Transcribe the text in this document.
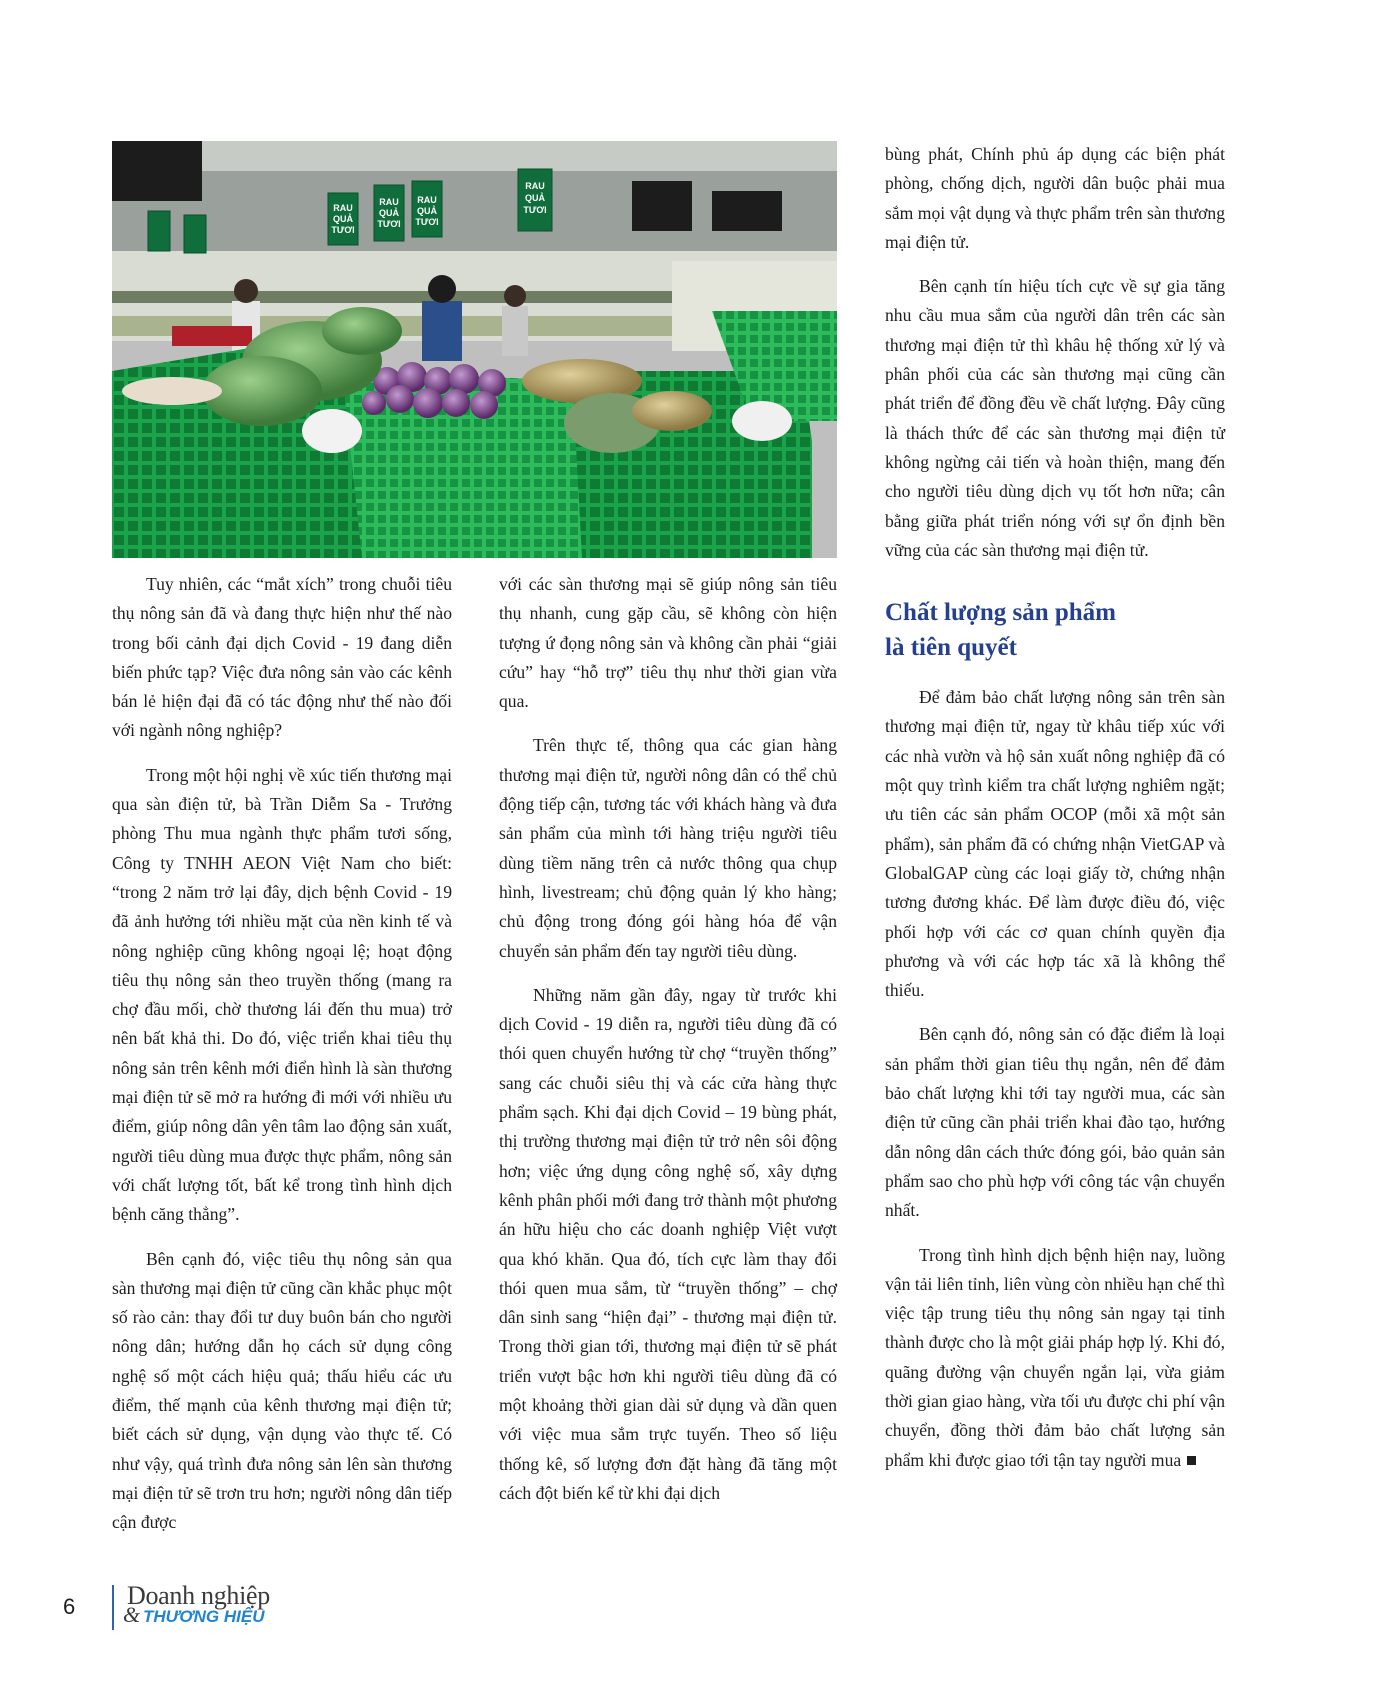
RAU
QUẢ
TƯƠI
RAU
QUẢ
TƯƠI
RAU
QUẢ
TƯƠI
RAU
QUẢ
TƯƠI

Tuy nhiên, các “mắt xích” trong chuỗi tiêu thụ nông sản đã và đang thực hiện như thế nào trong bối cảnh đại dịch Covid - 19 đang diễn biến phức tạp? Việc đưa nông sản vào các kênh bán lẻ hiện đại đã có tác động như thế nào đối với ngành nông nghiệp?

Trong một hội nghị về xúc tiến thương mại qua sàn điện tử, bà Trần Diễm Sa - Trưởng phòng Thu mua ngành thực phẩm tươi sống, Công ty TNHH AEON Việt Nam cho biết: “trong 2 năm trở lại đây, dịch bệnh Covid - 19 đã ảnh hưởng tới nhiều mặt của nền kinh tế và nông nghiệp cũng không ngoại lệ; hoạt động tiêu thụ nông sản theo truyền thống (mang ra chợ đầu mối, chờ thương lái đến thu mua) trở nên bất khả thi. Do đó, việc triển khai tiêu thụ nông sản trên kênh mới điển hình là sàn thương mại điện tử sẽ mở ra hướng đi mới với nhiều ưu điểm, giúp nông dân yên tâm lao động sản xuất, người tiêu dùng mua được thực phẩm, nông sản với chất lượng tốt, bất kể trong tình hình dịch bệnh căng thẳng”.

Bên cạnh đó, việc tiêu thụ nông sản qua sàn thương mại điện tử cũng cần khắc phục một số rào cản: thay đổi tư duy buôn bán cho người nông dân; hướng dẫn họ cách sử dụng công nghệ số một cách hiệu quả; thấu hiểu các ưu điểm, thế mạnh của kênh thương mại điện tử; biết cách sử dụng, vận dụng vào thực tế. Có như vậy, quá trình đưa nông sản lên sàn thương mại điện tử sẽ trơn tru hơn; người nông dân tiếp cận được

với các sàn thương mại sẽ giúp nông sản tiêu thụ nhanh, cung gặp cầu, sẽ không còn hiện tượng ứ đọng nông sản và không cần phải “giải cứu” hay “hỗ trợ” tiêu thụ như thời gian vừa qua.

Trên thực tế, thông qua các gian hàng thương mại điện tử, người nông dân có thể chủ động tiếp cận, tương tác với khách hàng và đưa sản phẩm của mình tới hàng triệu người tiêu dùng tiềm năng trên cả nước thông qua chụp hình, livestream; chủ động quản lý kho hàng; chủ động trong đóng gói hàng hóa để vận chuyển sản phẩm đến tay người tiêu dùng.

Những năm gần đây, ngay từ trước khi dịch Covid - 19 diễn ra, người tiêu dùng đã có thói quen chuyển hướng từ chợ “truyền thống” sang các chuỗi siêu thị và các cửa hàng thực phẩm sạch. Khi đại dịch Covid – 19 bùng phát, thị trường thương mại điện tử trở nên sôi động hơn; việc ứng dụng công nghệ số, xây dựng kênh phân phối mới đang trở thành một phương án hữu hiệu cho các doanh nghiệp Việt vượt qua khó khăn. Qua đó, tích cực làm thay đổi thói quen mua sắm, từ “truyền thống” – chợ dân sinh sang “hiện đại” - thương mại điện tử. Trong thời gian tới, thương mại điện tử sẽ phát triển vượt bậc hơn khi người tiêu dùng đã có một khoảng thời gian dài sử dụng và dần quen với việc mua sắm trực tuyến. Theo số liệu thống kê, số lượng đơn đặt hàng đã tăng một cách đột biến kể từ khi đại dịch

bùng phát, Chính phủ áp dụng các biện phát phòng, chống dịch, người dân buộc phải mua sắm mọi vật dụng và thực phẩm trên sàn thương mại điện tử.

Bên cạnh tín hiệu tích cực về sự gia tăng nhu cầu mua sắm của người dân trên các sàn thương mại điện tử thì khâu hệ thống xử lý và phân phối của các sàn thương mại cũng cần phát triển để đồng đều về chất lượng. Đây cũng là thách thức để các sàn thương mại điện tử không ngừng cải tiến và hoàn thiện, mang đến cho người tiêu dùng dịch vụ tốt hơn nữa; cân bằng giữa phát triển nóng với sự ổn định bền vững của các sàn thương mại điện tử.

Chất lượng sản phẩm
là tiên quyết

Để đảm bảo chất lượng nông sản trên sàn thương mại điện tử, ngay từ khâu tiếp xúc với các nhà vườn và hộ sản xuất nông nghiệp đã có một quy trình kiểm tra chất lượng nghiêm ngặt; ưu tiên các sản phẩm OCOP (mỗi xã một sản phẩm), sản phẩm đã có chứng nhận VietGAP và GlobalGAP cùng các loại giấy tờ, chứng nhận tương đương khác. Để làm được điều đó, việc phối hợp với các cơ quan chính quyền địa phương và với các hợp tác xã là không thể thiếu.

Bên cạnh đó, nông sản có đặc điểm là loại sản phẩm thời gian tiêu thụ ngắn, nên để đảm bảo chất lượng khi tới tay người mua, các sàn điện tử cũng cần phải triển khai đào tạo, hướng dẫn nông dân cách thức đóng gói, bảo quản sản phẩm sao cho phù hợp với công tác vận chuyển nhất.

Trong tình hình dịch bệnh hiện nay, luồng vận tải liên tỉnh, liên vùng còn nhiều hạn chế thì việc tập trung tiêu thụ nông sản ngay tại tỉnh thành được cho là một giải pháp hợp lý. Khi đó, quãng đường vận chuyển ngắn lại, vừa giảm thời gian giao hàng, vừa tối ưu được chi phí vận chuyển, đồng thời đảm bảo chất lượng sản phẩm khi được giao tới tận tay người mua

6 Doanh nghiệp
& THƯƠNG HIỆU
